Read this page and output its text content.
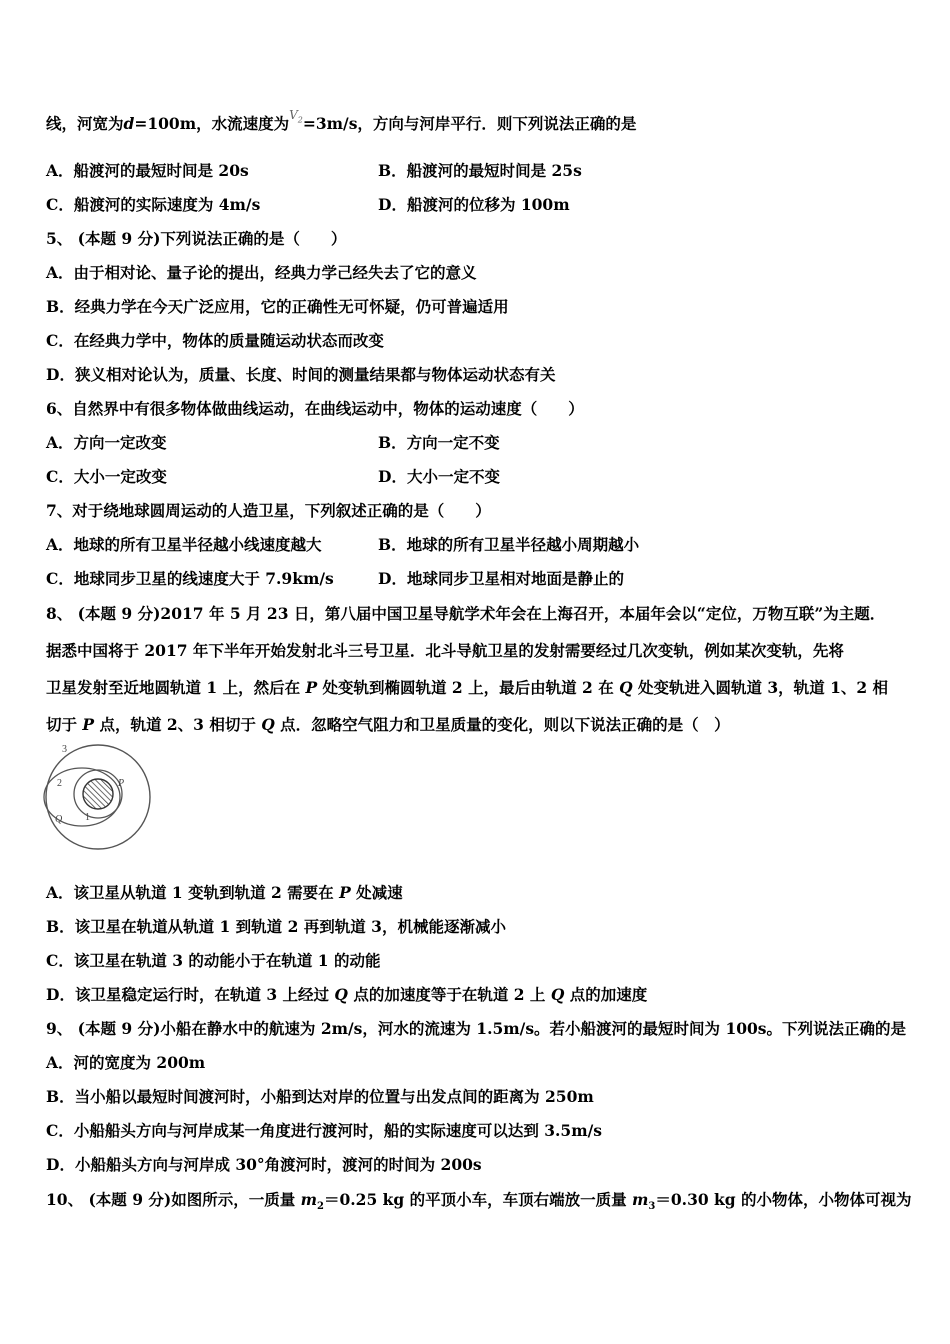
线，河宽为d=100m，水流速度为$V_2=3m/s$，方向与河岸平行．则下列说法正确的是
A．船渡河的最短时间是 20s	B．船渡河的最短时间是 25s
C．船渡河的实际速度为 4m/s	D．船渡河的位移为 100m
5、 (本题 9 分)下列说法正确的是（　　）
A．由于相对论、量子论的提出，经典力学己经失去了它的意义
B．经典力学在今天广泛应用，它的正确性无可怀疑，仍可普遍适用
C．在经典力学中，物体的质量随运动状态而改变
D．狭义相对论认为，质量、长度、时间的测量结果都与物体运动状态有关
6、自然界中有很多物体做曲线运动，在曲线运动中，物体的运动速度（　　）
A．方向一定改变	B．方向一定不变
C．大小一定改变	D．大小一定不变
7、对于绕地球圆周运动的人造卫星，下列叙述正确的是（　　）
A．地球的所有卫星半径越小线速度越大	B．地球的所有卫星半径越小周期越小
C．地球同步卫星的线速度大于 7.9km/s	D．地球同步卫星相对地面是静止的
8、 (本题 9 分)2017 年 5 月 23 日，第八届中国卫星导航学术年会在上海召开，本届年会以“定位，万物互联”为主题．
据悉中国将于 2017 年下半年开始发射北斗三号卫星．北斗导航卫星的发射需要经过几次变轨，例如某次变轨，先将
卫星发射至近地圆轨道 1 上，然后在 P 处变轨到椭圆轨道 2 上，最后由轨道 2 在 Q 处变轨进入圆轨道 3，轨道 1、2 相
切于 P 点，轨道 2、3 相切于 Q 点．忽略空气阻力和卫星质量的变化，则以下说法正确的是（　）
3
2
1
P
Q
A．该卫星从轨道 1 变轨到轨道 2 需要在 P 处减速
B．该卫星在轨道从轨道 1 到轨道 2 再到轨道 3，机械能逐渐减小
C．该卫星在轨道 3 的动能小于在轨道 1 的动能
D．该卫星稳定运行时，在轨道 3 上经过 Q 点的加速度等于在轨道 2 上 Q 点的加速度
9、 (本题 9 分)小船在静水中的航速为 2m/s，河水的流速为 1.5m/s。若小船渡河的最短时间为 100s。下列说法正确的是
A．河的宽度为 200m
B．当小船以最短时间渡河时，小船到达对岸的位置与出发点间的距离为 250m
C．小船船头方向与河岸成某一角度进行渡河时，船的实际速度可以达到 3.5m/s
D．小船船头方向与河岸成 30°角渡河时，渡河的时间为 200s
10、 (本题 9 分)如图所示，一质量 $m_2=0.25$ kg 的平顶小车，车顶右端放一质量 $m_3=0.30$ kg 的小物体，小物体可视为
